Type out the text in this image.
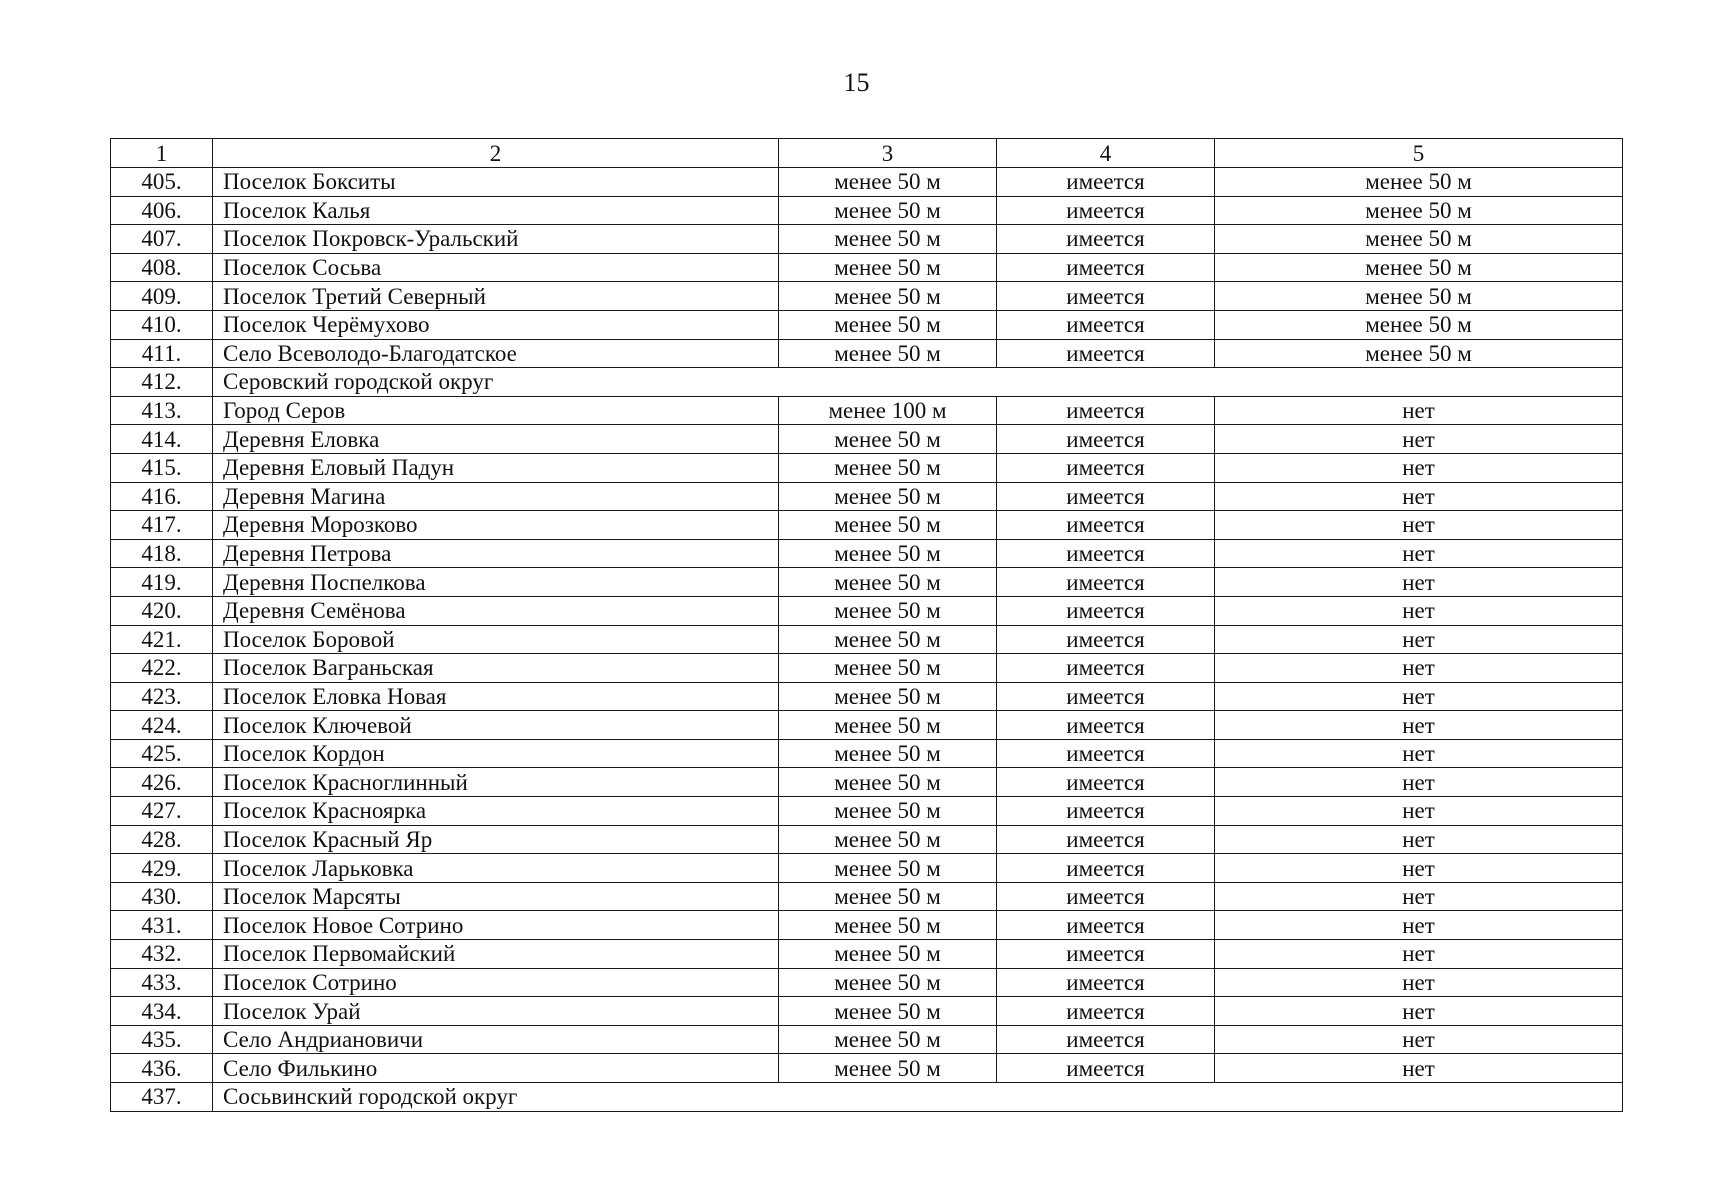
15
1	2	3	4	5
405.	Поселок Бокситы	менее 50 м	имеется	менее 50 м
406.	Поселок Калья	менее 50 м	имеется	менее 50 м
407.	Поселок Покровск-Уральский	менее 50 м	имеется	менее 50 м
408.	Поселок Сосьва	менее 50 м	имеется	менее 50 м
409.	Поселок Третий Северный	менее 50 м	имеется	менее 50 м
410.	Поселок Черёмухово	менее 50 м	имеется	менее 50 м
411.	Село Всеволодо-Благодатское	менее 50 м	имеется	менее 50 м
412.	Серовский городской округ			
413.	Город Серов	менее 100 м	имеется	нет
414.	Деревня Еловка	менее 50 м	имеется	нет
415.	Деревня Еловый Падун	менее 50 м	имеется	нет
416.	Деревня Магина	менее 50 м	имеется	нет
417.	Деревня Морозково	менее 50 м	имеется	нет
418.	Деревня Петрова	менее 50 м	имеется	нет
419.	Деревня Поспелкова	менее 50 м	имеется	нет
420.	Деревня Семёнова	менее 50 м	имеется	нет
421.	Поселок Боровой	менее 50 м	имеется	нет
422.	Поселок Ваграньская	менее 50 м	имеется	нет
423.	Поселок Еловка Новая	менее 50 м	имеется	нет
424.	Поселок Ключевой	менее 50 м	имеется	нет
425.	Поселок Кордон	менее 50 м	имеется	нет
426.	Поселок Красноглинный	менее 50 м	имеется	нет
427.	Поселок Красноярка	менее 50 м	имеется	нет
428.	Поселок Красный Яр	менее 50 м	имеется	нет
429.	Поселок Ларьковка	менее 50 м	имеется	нет
430.	Поселок Марсяты	менее 50 м	имеется	нет
431.	Поселок Новое Сотрино	менее 50 м	имеется	нет
432.	Поселок Первомайский	менее 50 м	имеется	нет
433.	Поселок Сотрино	менее 50 м	имеется	нет
434.	Поселок Урай	менее 50 м	имеется	нет
435.	Село Андриановичи	менее 50 м	имеется	нет
436.	Село Филькино	менее 50 м	имеется	нет
437.	Сосьвинский городской округ			
